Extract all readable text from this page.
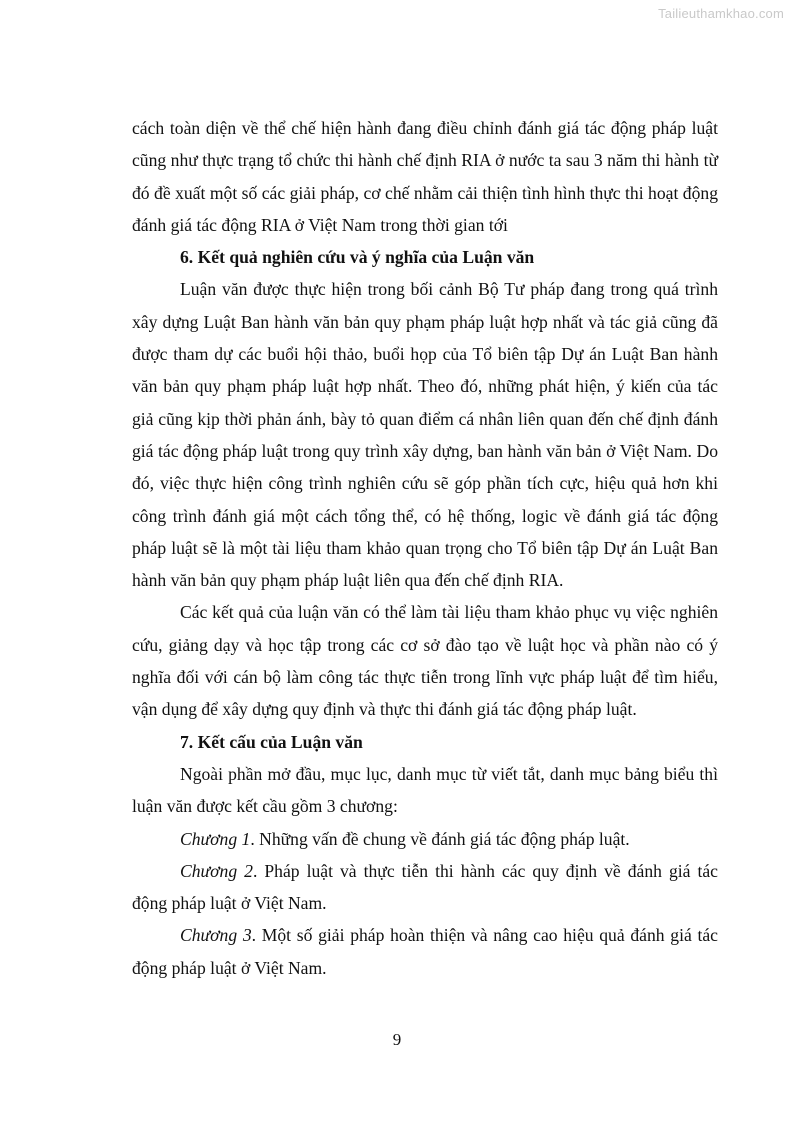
Tailieuthamkhao.com

cách toàn diện về thể chế hiện hành đang điều chỉnh đánh giá tác động pháp luật cũng như thực trạng tổ chức thi hành chế định RIA ở nước ta sau 3 năm thi hành từ đó đề xuất một số các giải pháp, cơ chế nhằm cải thiện tình hình thực thi hoạt động đánh giá tác động RIA ở Việt Nam trong thời gian tới

6. Kết quả nghiên cứu và ý nghĩa của Luận văn

Luận văn được thực hiện trong bối cảnh Bộ Tư pháp đang trong quá trình xây dựng Luật Ban hành văn bản quy phạm pháp luật hợp nhất và tác giả cũng đã được tham dự các buổi hội thảo, buổi họp của Tổ biên tập Dự án Luật Ban hành văn bản quy phạm pháp luật hợp nhất. Theo đó, những phát hiện, ý kiến của tác giả cũng kịp thời phản ánh, bày tỏ quan điểm cá nhân liên quan đến chế định đánh giá tác động pháp luật trong quy trình xây dựng, ban hành văn bản ở Việt Nam. Do đó, việc thực hiện công trình nghiên cứu sẽ góp phần tích cực, hiệu quả hơn khi công trình đánh giá một cách tổng thể, có hệ thống, logic về đánh giá tác động pháp luật sẽ là một tài liệu tham khảo quan trọng cho Tổ biên tập Dự án Luật Ban hành văn bản quy phạm pháp luật liên qua đến chế định RIA.

Các kết quả của luận văn có thể làm tài liệu tham khảo phục vụ việc nghiên cứu, giảng dạy và học tập trong các cơ sở đào tạo về luật học và phần nào có ý nghĩa đối với cán bộ làm công tác thực tiễn trong lĩnh vực pháp luật để tìm hiểu, vận dụng để xây dựng quy định và thực thi đánh giá tác động pháp luật.

7. Kết cấu của Luận văn

Ngoài phần mở đầu, mục lục, danh mục từ viết tắt, danh mục bảng biểu thì luận văn được kết cầu gồm 3 chương:

Chương 1. Những vấn đề chung về đánh giá tác động pháp luật.

Chương 2. Pháp luật và thực tiễn thi hành các quy định về đánh giá tác động pháp luật ở Việt Nam.

Chương 3. Một số giải pháp hoàn thiện và nâng cao hiệu quả đánh giá tác động pháp luật ở Việt Nam.

9
